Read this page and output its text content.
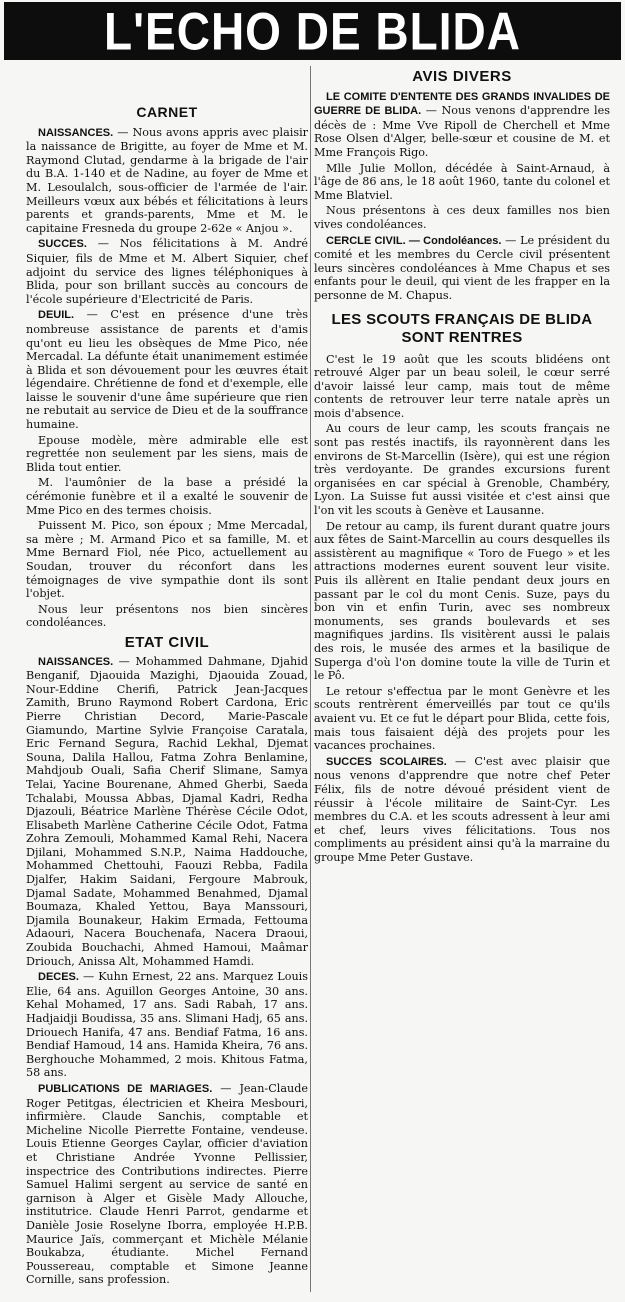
L'ECHO DE BLIDA
CARNET

NAISSANCES. — Nous avons appris avec plaisir la naissance de Brigitte, au foyer de Mme et M. Raymond Clutad, gendarme à la brigade de l'air du B.A. 1-140 et de Nadine, au foyer de Mme et M. Lesoulalch, sous-officier de l'armée de l'air. Meilleurs vœux aux bébés et félicitations à leurs parents et grands-parents, Mme et M. le capitaine Fresneda du groupe 2-62e « Anjou ».

SUCCES. — Nos félicitations à M. André Siquier, fils de Mme et M. Albert Siquier, chef adjoint du service des lignes téléphoniques à Blida, pour son brillant succès au concours de l'école supérieure d'Electricité de Paris.

DEUIL. — C'est en présence d'une très nombreuse assistance de parents et d'amis qu'ont eu lieu les obsèques de Mme Pico, née Mercadal. La défunte était unanimement estimée à Blida et son dévouement pour les œuvres était légendaire. Chrétienne de fond et d'exemple, elle laisse le souvenir d'une âme supérieure que rien ne rebutait au service de Dieu et de la souffrance humaine.

Epouse modèle, mère admirable elle est regrettée non seulement par les siens, mais de Blida tout entier.

M. l'aumônier de la base a présidé la cérémonie funèbre et il a exalté le souvenir de Mme Pico en des termes choisis.

Puissent M. Pico, son époux ; Mme Mercadal, sa mère ; M. Armand Pico et sa famille, M. et Mme Bernard Fiol, née Pico, actuellement au Soudan, trouver du réconfort dans les témoignages de vive sympathie dont ils sont l'objet.

Nous leur présentons nos bien sincères condoléances.

ETAT CIVIL

NAISSANCES. — Mohammed Dahmane, Djahid Benganif, Djaouida Mazighi, Djaouida Zouad, Nour-Eddine Cherifi, Patrick Jean-Jacques Zamith, Bruno Raymond Robert Cardona, Eric Pierre Christian Decord, Marie-Pascale Giamundo, Martine Sylvie Françoise Caratala, Eric Fernand Segura, Rachid Lekhal, Djemat Souna, Dalila Hallou, Fatma Zohra Benlamine, Mahdjoub Ouali, Safia Cherif Slimane, Samya Telai, Yacine Bourenane, Ahmed Gherbi, Saeda Tchalabi, Moussa Abbas, Djamal Kadri, Redha Djazouli, Béatrice Marlène Thérèse Cécile Odot, Elisabeth Marlène Catherine Cécile Odot, Fatma Zohra Zemouli, Mohammed Kamal Rehi, Nacera Djilani, Mohammed S.N.P., Naima Haddouche, Mohammed Chettouhi, Faouzi Rebba, Fadila Djalfer, Hakim Saidani, Fergoure Mabrouk, Djamal Sadate, Mohammed Benahmed, Djamal Boumaza, Khaled Yettou, Baya Manssouri, Djamila Bounakeur, Hakim Ermada, Fettouma Adaouri, Nacera Bouchenafa, Nacera Draoui, Zoubida Bouchachi, Ahmed Hamoui, Maâmar Driouch, Anissa Alt, Mohammed Hamdi.

DECES. — Kuhn Ernest, 22 ans. Marquez Louis Elie, 64 ans. Aguillon Georges Antoine, 30 ans. Kehal Mohamed, 17 ans. Sadi Rabah, 17 ans. Hadjaidji Boudissa, 35 ans. Slimani Hadj, 65 ans. Driouech Hanifa, 47 ans. Bendiaf Fatma, 16 ans. Bendiaf Hamoud, 14 ans. Hamida Kheira, 76 ans. Berghouche Mohammed, 2 mois. Khitous Fatma, 58 ans.

PUBLICATIONS DE MARIAGES. — Jean-Claude Roger Petitgas, électricien et Kheira Mesbouri, infirmière. Claude Sanchis, comptable et Micheline Nicolle Pierrette Fontaine, vendeuse. Louis Etienne Georges Caylar, officier d'aviation et Christiane Andrée Yvonne Pellissier, inspectrice des Contributions indirectes. Pierre Samuel Halimi sergent au service de santé en garnison à Alger et Gisèle Mady Allouche, institutrice. Claude Henri Parrot, gendarme et Danièle Josie Roselyne Iborra, employée H.P.B. Maurice Jaïs, commerçant et Michèle Mélanie Boukabza, étudiante. Michel Fernand Poussereau, comptable et Simone Jeanne Cornille, sans profession.

AVIS DIVERS

LE COMITE D'ENTENTE DES GRANDS INVALIDES DE GUERRE DE BLIDA. — Nous venons d'apprendre les décès de : Mme Vve Ripoll de Cherchell et Mme Rose Olsen d'Alger, belle-sœur et cousine de M. et Mme François Rigo.

Mlle Julie Mollon, décédée à Saint-Arnaud, à l'âge de 86 ans, le 18 août 1960, tante du colonel et Mme Blatviel.

Nous présentons à ces deux familles nos bien vives condoléances.

CERCLE CIVIL. — Condoléances. — Le président du comité et les membres du Cercle civil présentent leurs sincères condoléances à Mme Chapus et ses enfants pour le deuil, qui vient de les frapper en la personne de M. Chapus.

LES SCOUTS FRANÇAIS DE BLIDA SONT RENTRES

C'est le 19 août que les scouts blidéens ont retrouvé Alger par un beau soleil, le cœur serré d'avoir laissé leur camp, mais tout de même contents de retrouver leur terre natale après un mois d'absence.

Au cours de leur camp, les scouts français ne sont pas restés inactifs, ils rayonnèrent dans les environs de St-Marcellin (Isère), qui est une région très verdoyante. De grandes excursions furent organisées en car spécial à Grenoble, Chambéry, Lyon. La Suisse fut aussi visitée et c'est ainsi que l'on vit les scouts à Genève et Lausanne.

De retour au camp, ils furent durant quatre jours aux fêtes de Saint-Marcellin au cours desquelles ils assistèrent au magnifique « Toro de Fuego » et les attractions modernes eurent souvent leur visite. Puis ils allèrent en Italie pendant deux jours en passant par le col du mont Cenis. Suze, pays du bon vin et enfin Turin, avec ses nombreux monuments, ses grands boulevards et ses magnifiques jardins. Ils visitèrent aussi le palais des rois, le musée des armes et la basilique de Superga d'où l'on domine toute la ville de Turin et le Pô.

Le retour s'effectua par le mont Genèvre et les scouts rentrèrent émerveillés par tout ce qu'ils avaient vu. Et ce fut le départ pour Blida, cette fois, mais tous faisaient déjà des projets pour les vacances prochaines.

SUCCES SCOLAIRES. — C'est avec plaisir que nous venons d'apprendre que notre chef Peter Félix, fils de notre dévoué président vient de réussir à l'école militaire de Saint-Cyr. Les membres du C.A. et les scouts adressent à leur ami et chef, leurs vives félicitations. Tous nos compliments au président ainsi qu'à la marraine du groupe Mme Peter Gustave.
